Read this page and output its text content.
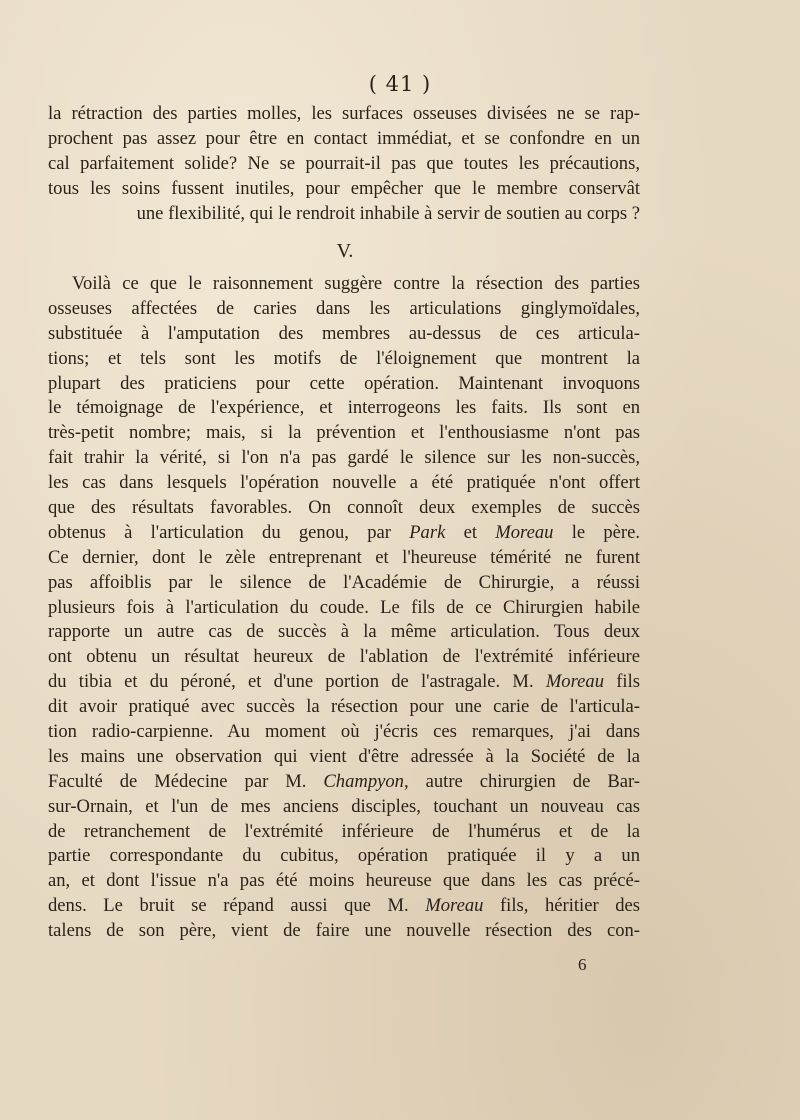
( 41 )
la rétraction des parties molles, les surfaces osseuses divisées ne se rap-
prochent pas assez pour être en contact immédiat, et se confondre en un
cal parfaitement solide? Ne se pourrait-il pas que toutes les précautions,
tous les soins fussent inutiles, pour empêcher que le membre conservât
une flexibilité, qui le rendroit inhabile à servir de soutien au corps ?
V.
Voilà ce que le raisonnement suggère contre la résection des parties
osseuses affectées de caries dans les articulations ginglymoïdales,
substituée à l'amputation des membres au-dessus de ces articula-
tions; et tels sont les motifs de l'éloignement que montrent la
plupart des praticiens pour cette opération. Maintenant invoquons
le témoignage de l'expérience, et interrogeons les faits. Ils sont en
très-petit nombre; mais, si la prévention et l'enthousiasme n'ont pas
fait trahir la vérité, si l'on n'a pas gardé le silence sur les non-succès,
les cas dans lesquels l'opération nouvelle a été pratiquée n'ont offert
que des résultats favorables. On connoît deux exemples de succès
obtenus à l'articulation du genou, par Park et Moreau le père.
Ce dernier, dont le zèle entreprenant et l'heureuse témérité ne furent
pas affoiblis par le silence de l'Académie de Chirurgie, a réussi
plusieurs fois à l'articulation du coude. Le fils de ce Chirurgien habile
rapporte un autre cas de succès à la même articulation. Tous deux
ont obtenu un résultat heureux de l'ablation de l'extrémité inférieure
du tibia et du péroné, et d'une portion de l'astragale. M. Moreau fils
dit avoir pratiqué avec succès la résection pour une carie de l'articula-
tion radio-carpienne. Au moment où j'écris ces remarques, j'ai dans
les mains une observation qui vient d'être adressée à la Société de la
Faculté de Médecine par M. Champyon, autre chirurgien de Bar-
sur-Ornain, et l'un de mes anciens disciples, touchant un nouveau cas
de retranchement de l'extrémité inférieure de l'humérus et de la
partie correspondante du cubitus, opération pratiquée il y a un
an, et dont l'issue n'a pas été moins heureuse que dans les cas précé-
dens. Le bruit se répand aussi que M. Moreau fils, héritier des
talens de son père, vient de faire une nouvelle résection des con-
6
